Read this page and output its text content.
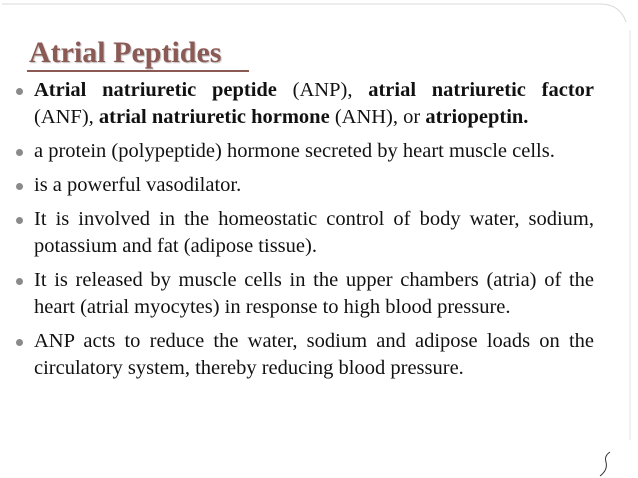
Atrial Peptides
Atrial natriuretic peptide (ANP), atrial natriuretic factor (ANF), atrial natriuretic hormone (ANH), or atriopeptin.
a protein (polypeptide) hormone secreted by heart muscle cells.
is a powerful vasodilator.
It is involved in the homeostatic control of body water, sodium, potassium and fat (adipose tissue).
It is released by muscle cells in the upper chambers (atria) of the heart (atrial myocytes) in response to high blood pressure.
ANP acts to reduce the water, sodium and adipose loads on the circulatory system, thereby reducing blood pressure.
